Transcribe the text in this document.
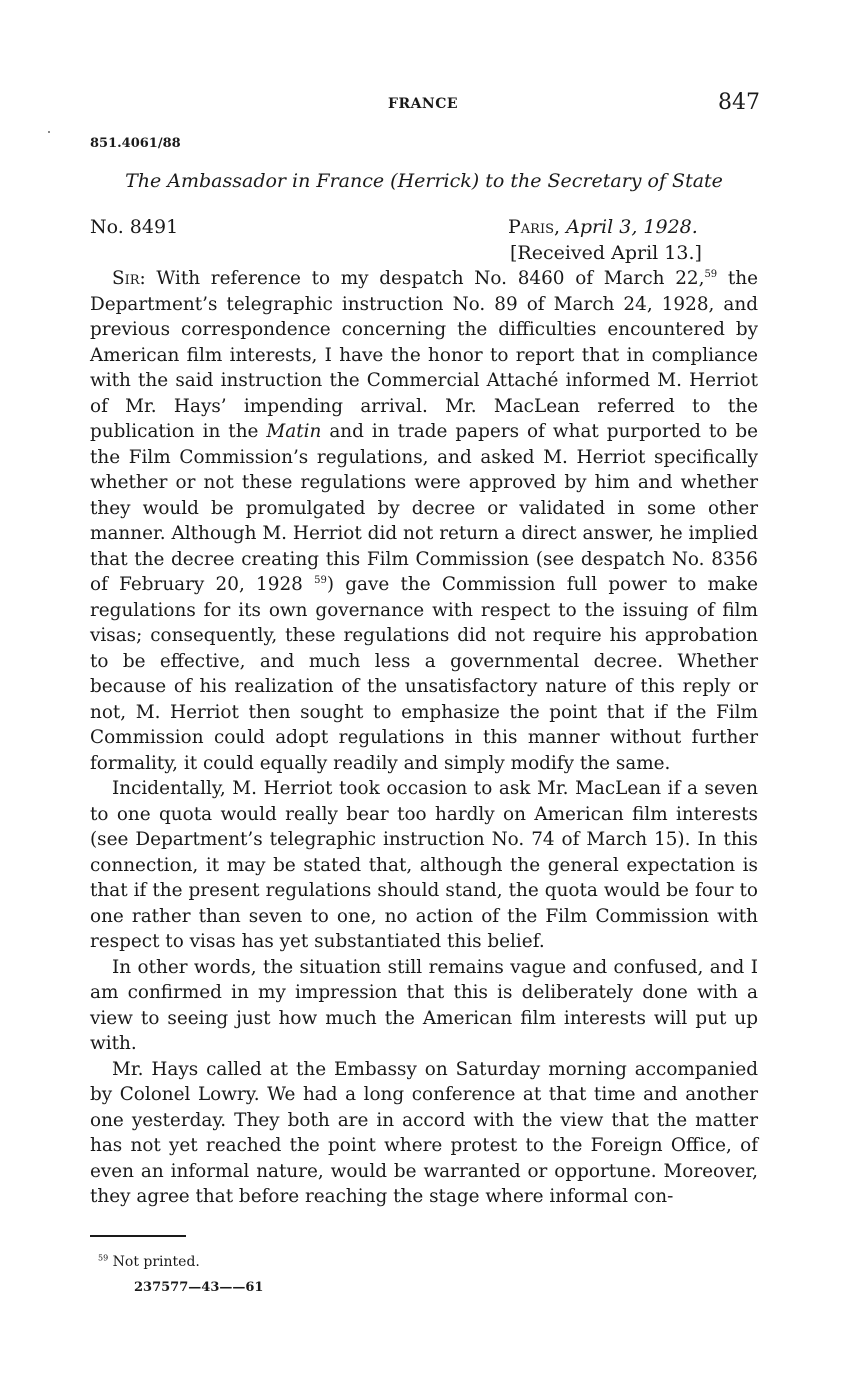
FRANCE	847
851.4061/88
The Ambassador in France (Herrick) to the Secretary of State
No. 8491	Paris, April 3, 1928.
[Received April 13.]

Sir: With reference to my despatch No. 8460 of March 22,59 the Department’s telegraphic instruction No. 89 of March 24, 1928, and previous correspondence concerning the difficulties encountered by American film interests, I have the honor to report that in compliance with the said instruction the Commercial Attaché informed M. Herriot of Mr. Hays’ impending arrival. Mr. MacLean referred to the publication in the Matin and in trade papers of what purported to be the Film Commission’s regulations, and asked M. Herriot specifically whether or not these regulations were approved by him and whether they would be promulgated by decree or validated in some other manner. Although M. Herriot did not return a direct answer, he implied that the decree creating this Film Commission (see despatch No. 8356 of February 20, 1928 $^{59}$) gave the Commission full power to make regulations for its own governance with respect to the issuing of film visas; consequently, these regulations did not require his approbation to be effective, and much less a governmental decree. Whether because of his realization of the unsatisfactory nature of this reply or not, M. Herriot then sought to emphasize the point that if the Film Commission could adopt regulations in this manner without further formality, it could equally readily and simply modify the same.

Incidentally, M. Herriot took occasion to ask Mr. MacLean if a seven to one quota would really bear too hardly on American film interests (see Department’s telegraphic instruction No. 74 of March 15). In this connection, it may be stated that, although the general expectation is that if the present regulations should stand, the quota would be four to one rather than seven to one, no action of the Film Commission with respect to visas has yet substantiated this belief.

In other words, the situation still remains vague and confused, and I am confirmed in my impression that this is deliberately done with a view to seeing just how much the American film interests will put up with.

Mr. Hays called at the Embassy on Saturday morning accompanied by Colonel Lowry. We had a long conference at that time and another one yesterday. They both are in accord with the view that the matter has not yet reached the point where protest to the Foreign Office, of even an informal nature, would be warranted or opportune. Moreover, they agree that before reaching the stage where informal con-

$^{59}$ Not printed.
237577—43——61
